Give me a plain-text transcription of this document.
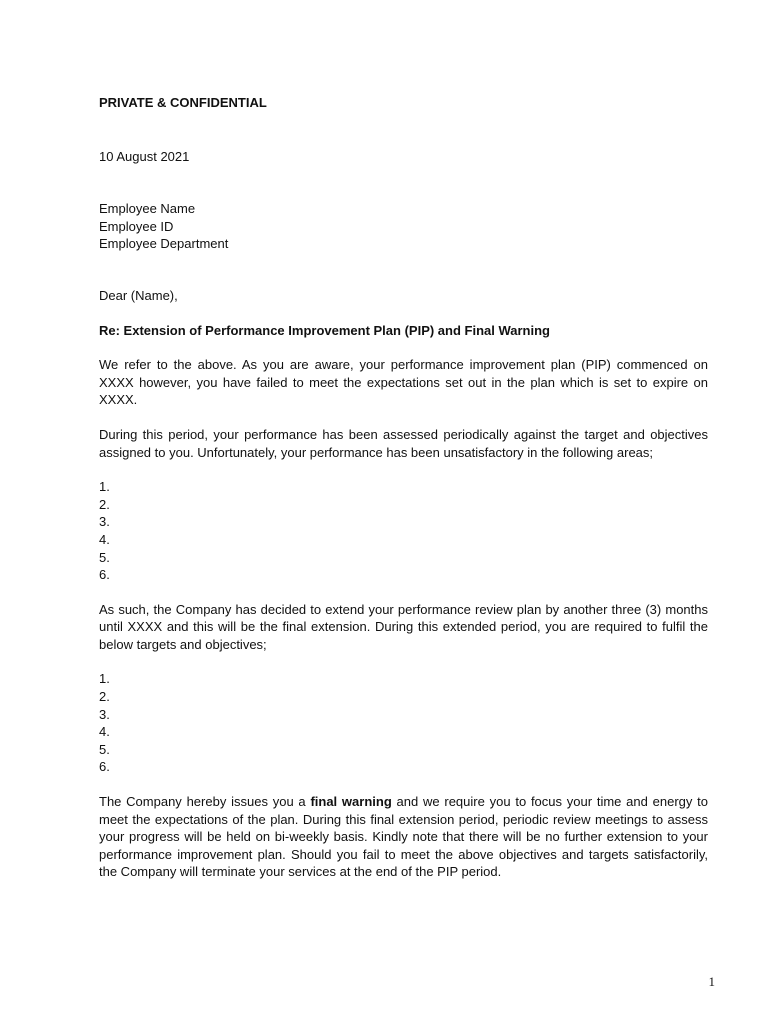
PRIVATE & CONFIDENTIAL
10 August 2021
Employee Name
Employee ID
Employee Department
Dear (Name),
Re: Extension of Performance Improvement Plan (PIP) and Final Warning

We refer to the above. As you are aware, your performance improvement plan (PIP) commenced on XXXX however, you have failed to meet the expectations set out in the plan which is set to expire on XXXX.

During this period, your performance has been assessed periodically against the target and objectives assigned to you. Unfortunately, your performance has been unsatisfactory in the following areas;

1.
2.
3.
4.
5.
6.

As such, the Company has decided to extend your performance review plan by another three (3) months until XXXX and this will be the final extension. During this extended period, you are required to fulfil the below targets and objectives;

1.
2.
3.
4.
5.
6.

The Company hereby issues you a final warning and we require you to focus your time and energy to meet the expectations of the plan. During this final extension period, periodic review meetings to assess your progress will be held on bi-weekly basis. Kindly note that there will be no further extension to your performance improvement plan. Should you fail to meet the above objectives and targets satisfactorily, the Company will terminate your services at the end of the PIP period.

1
